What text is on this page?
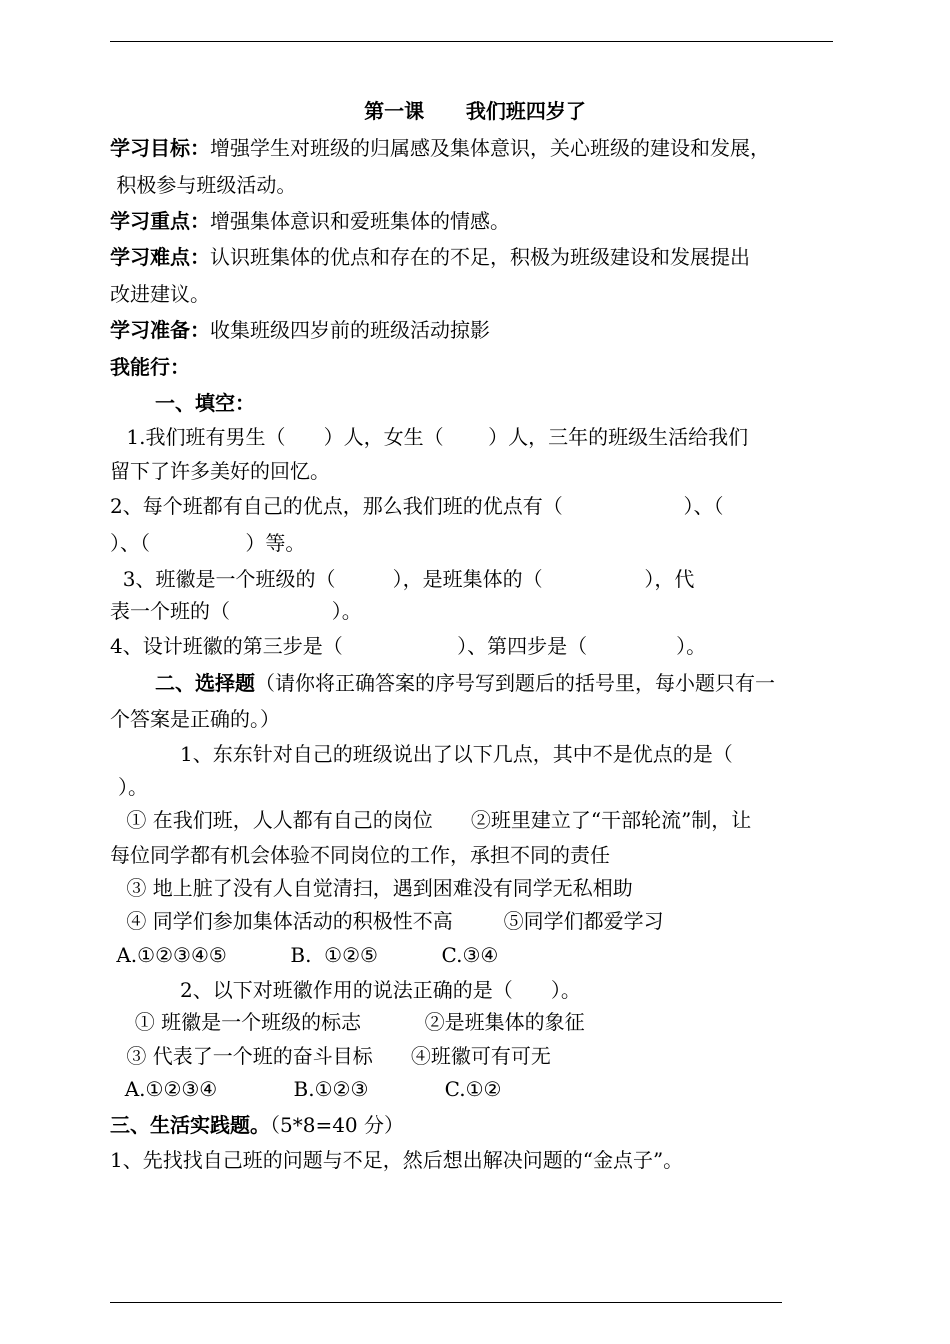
第一课      我们班四岁了
学习目标：增强学生对班级的归属感及集体意识，关心班级的建设和发展，
积极参与班级活动。
学习重点：增强集体意识和爱班集体的情感。
学习难点：认识班集体的优点和存在的不足，积极为班级建设和发展提出
改进建议。
学习准备：收集班级四岁前的班级活动掠影
我能行：
一、填空：
1.我们班有男生（      ）人，女生（       ）人，三年的班级生活给我们
留下了许多美好的回忆。
2、每个班都有自己的优点，那么我们班的优点有（                   ）、（
）、（               ）等。
3、班徽是一个班级的（         ），是班集体的（                ），代
表一个班的（                ）。
4、设计班徽的第三步是（                  ）、第四步是（              ）。
二、选择题（请你将正确答案的序号写到题后的括号里，每小题只有一
个答案是正确的。）
1、东东针对自己的班级说出了以下几点，其中不是优点的是（
）。
① 在我们班，人人都有自己的岗位      ②班里建立了“干部轮流”制，让
每位同学都有机会体验不同岗位的工作，承担不同的责任
③ 地上脏了没有人自觉清扫，遇到困难没有同学无私相助
④ 同学们参加集体活动的积极性不高        ⑤同学们都爱学习
A.①②③④⑤          B.  ①②⑤          C.③④
2、以下对班徽作用的说法正确的是（      ）。
① 班徽是一个班级的标志          ②是班集体的象征
③ 代表了一个班的奋斗目标      ④班徽可有可无
A.①②③④            B.①②③            C.①②
三、生活实践题。（5*8=40 分）
1、先找找自己班的问题与不足，然后想出解决问题的“金点子”。
